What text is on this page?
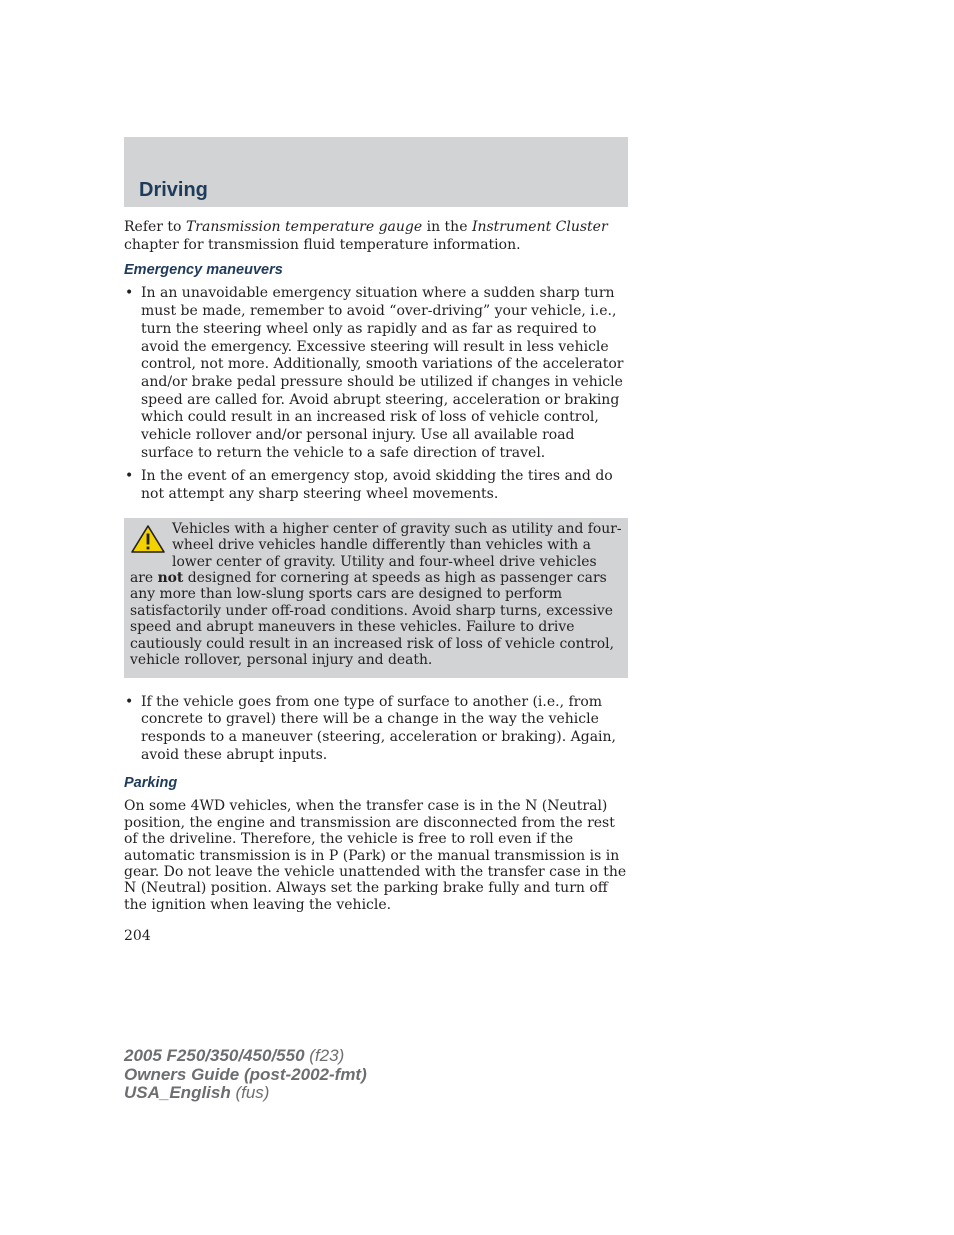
Driving

Refer to Transmission temperature gauge in the Instrument Cluster chapter for transmission fluid temperature information.

Emergency maneuvers
• In an unavoidable emergency situation where a sudden sharp turn must be made, remember to avoid “over-driving” your vehicle, i.e., turn the steering wheel only as rapidly and as far as required to avoid the emergency. Excessive steering will result in less vehicle control, not more. Additionally, smooth variations of the accelerator and/or brake pedal pressure should be utilized if changes in vehicle speed are called for. Avoid abrupt steering, acceleration or braking which could result in an increased risk of loss of vehicle control, vehicle rollover and/or personal injury. Use all available road surface to return the vehicle to a safe direction of travel.
• In the event of an emergency stop, avoid skidding the tires and do not attempt any sharp steering wheel movements.
Vehicles with a higher center of gravity such as utility and four-wheel drive vehicles handle differently than vehicles with a lower center of gravity. Utility and four-wheel drive vehicles are not designed for cornering at speeds as high as passenger cars any more than low-slung sports cars are designed to perform satisfactorily under off-road conditions. Avoid sharp turns, excessive speed and abrupt maneuvers in these vehicles. Failure to drive cautiously could result in an increased risk of loss of vehicle control, vehicle rollover, personal injury and death.
• If the vehicle goes from one type of surface to another (i.e., from concrete to gravel) there will be a change in the way the vehicle responds to a maneuver (steering, acceleration or braking). Again, avoid these abrupt inputs.
Parking

On some 4WD vehicles, when the transfer case is in the N (Neutral) position, the engine and transmission are disconnected from the rest of the driveline. Therefore, the vehicle is free to roll even if the automatic transmission is in P (Park) or the manual transmission is in gear. Do not leave the vehicle unattended with the transfer case in the N (Neutral) position. Always set the parking brake fully and turn off the ignition when leaving the vehicle.

204

2005 F250/350/450/550 (f23)
Owners Guide (post-2002-fmt)
USA_English (fus)
